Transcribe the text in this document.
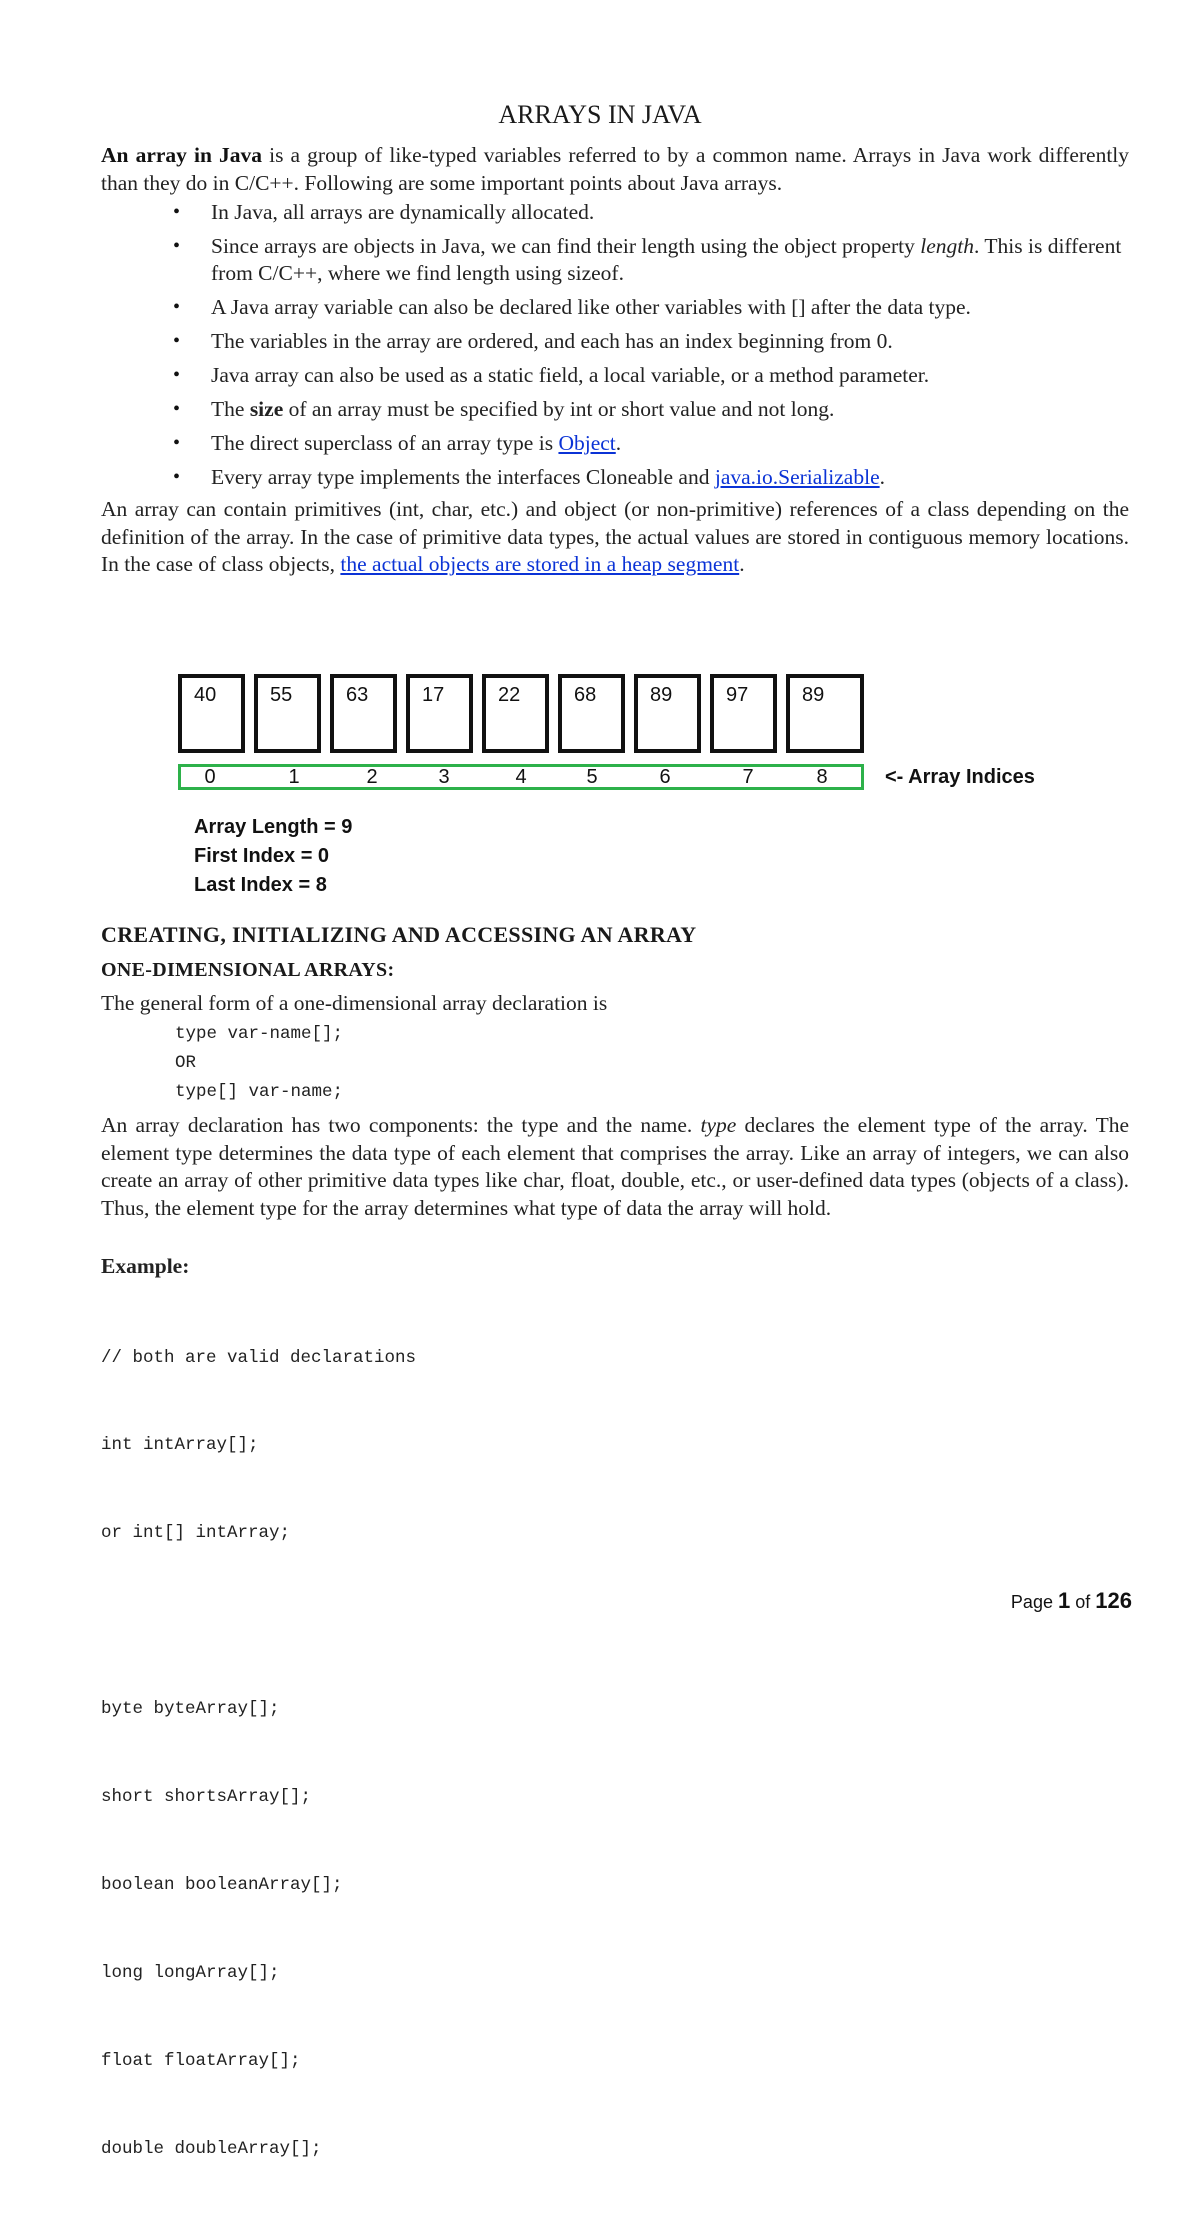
ARRAYS IN JAVA
An array in Java is a group of like-typed variables referred to by a common name. Arrays in Java work differently than they do in C/C++. Following are some important points about Java arrays.
• In Java, all arrays are dynamically allocated.
• Since arrays are objects in Java, we can find their length using the object property length. This is different from C/C++, where we find length using sizeof.
• A Java array variable can also be declared like other variables with [] after the data type.
• The variables in the array are ordered, and each has an index beginning from 0.
• Java array can also be used as a static field, a local variable, or a method parameter.
• The size of an array must be specified by int or short value and not long.
• The direct superclass of an array type is Object.
• Every array type implements the interfaces Cloneable and java.io.Serializable.
An array can contain primitives (int, char, etc.) and object (or non-primitive) references of a class depending on the definition of the array. In the case of primitive data types, the actual values are stored in contiguous memory locations. In the case of class objects, the actual objects are stored in a heap segment.
40	55	63	17	22	68	89	97	89
0	1	2	3	4	5	6	7	8	<- Array Indices
Array Length = 9
First Index = 0
Last Index = 8
CREATING, INITIALIZING AND ACCESSING AN ARRAY
ONE-DIMENSIONAL ARRAYS:
The general form of a one-dimensional array declaration is
type var-name[];
OR
type[] var-name;
An array declaration has two components: the type and the name. type declares the element type of the array. The element type determines the data type of each element that comprises the array. Like an array of integers, we can also create an array of other primitive data types like char, float, double, etc., or user-defined data types (objects of a class). Thus, the element type for the array determines what type of data the array will hold.
Example:

// both are valid declarations

int intArray[];

or int[] intArray;

byte byteArray[];

short shortsArray[];

boolean booleanArray[];

long longArray[];

float floatArray[];

double doubleArray[];

Page 1 of 126
